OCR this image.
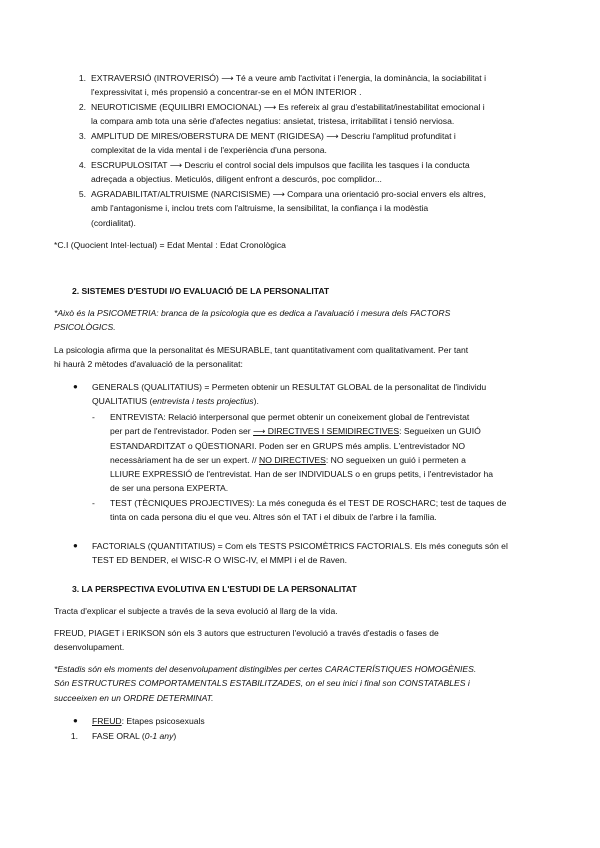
1. EXTRAVERSIÓ (INTROVERISÓ) ⟶ Té a veure amb l'activitat i l'energia, la dominància, la sociabilitat i
l'expressivitat i, més propensió a concentrar-se en el MÓN INTERIOR .
2. NEUROTICISME (EQUILIBRI EMOCIONAL) ⟶ Es refereix al grau d'estabilitat/inestabilitat emocional i
la compara amb tota una sèrie d'afectes negatius: ansietat, tristesa, irritabilitat i tensió nerviosa.
3. AMPLITUD DE MIRES/OBERSTURA DE MENT (RIGIDESA) ⟶ Descriu l'amplitud profunditat i
complexitat de la vida mental i de l'experiència d'una persona.
4. ESCRUPULOSITAT ⟶ Descriu el control social dels impulsos que facilita les tasques i la conducta
adreçada a objectius. Meticulós, diligent enfront a descurós, poc complidor...
5. AGRADABILITAT/ALTRUISME (NARCISISME) ⟶ Compara una orientació pro-social envers els altres,
amb l'antagonisme i, inclou trets com l'altruisme, la sensibilitat, la confiança i la modèstia
(cordialitat).
*C.I (Quocient Intel·lectual) = Edat Mental : Edat Cronològica
2. SISTEMES D'ESTUDI I/O EVALUACIÓ DE LA PERSONALITAT
*Això és la PSICOMETRIA: branca de la psicologia que es dedica a l'avaluació i mesura dels FACTORS
PSICOLÒGICS.
La psicologia afirma que la personalitat és MESURABLE, tant quantitativament com qualitativament. Per tant
hi haurà 2 mètodes d'avaluació de la personalitat:
● GENERALS (QUALITATIUS) = Permeten obtenir un RESULTAT GLOBAL de la personalitat de l'individu
QUALITATIUS (entrevista i tests projectius).
- ENTREVISTA: Relació interpersonal que permet obtenir un coneixement global de l'entrevistat
per part de l'entrevistador. Poden ser ⟶ DIRECTIVES I SEMIDIRECTIVES: Segueixen un GUIÓ
ESTANDARDITZAT o QÜESTIONARI. Poden ser en GRUPS més amplis. L'entrevistador NO
necessàriament ha de ser un expert. // NO DIRECTIVES: NO segueixen un guió i permeten a
LLIURE EXPRESSIÓ de l'entrevistat. Han de ser INDIVIDUALS o en grups petits, i l'entrevistador ha
de ser una persona EXPERTA.
- TEST (TÈCNIQUES PROJECTIVES): La més coneguda és el TEST DE ROSCHARC; test de taques de
tinta on cada persona diu el que veu. Altres són el TAT i el dibuix de l'arbre i la família.
● FACTORIALS (QUANTITATIUS) = Com els TESTS PSICOMÈTRICS FACTORIALS. Els més coneguts són el
TEST ED BENDER, el WISC-R O WISC-IV, el MMPI i el de Raven.
3. LA PERSPECTIVA EVOLUTIVA EN L'ESTUDI DE LA PERSONALITAT
Tracta d'explicar el subjecte a través de la seva evolució al llarg de la vida.
FREUD, PIAGET i ERIKSON són els 3 autors que estructuren l'evolució a través d'estadis o fases de
desenvolupament.
*Estadis són els moments del desenvolupament distingibles per certes CARACTERÍSTIQUES HOMOGÈNIES.
Són ESTRUCTURES COMPORTAMENTALS ESTABILITZADES, on el seu inici i final son CONSTATABLES i
succeeixen en un ORDRE DETERMINAT.
● FREUD: Etapes psicosexuals
1. FASE ORAL (0-1 any)
